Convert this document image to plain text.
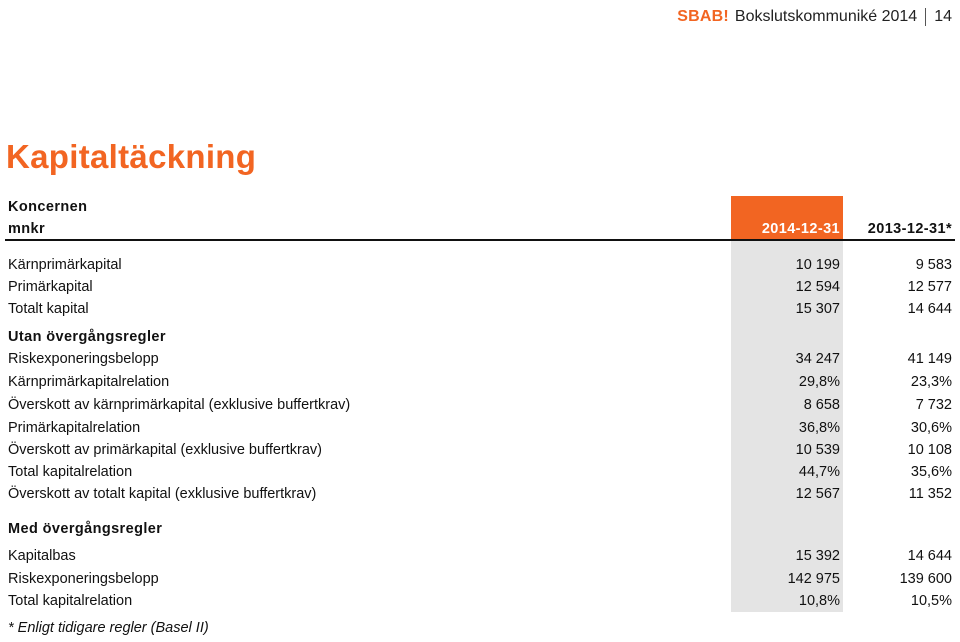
SBAB! Bokslutskommuniké 2014 14
Kapitaltäckning
Koncernen
mnkr	2014-12-31 2013-12-31*
Kärnprimärkapital	10 199	9 583
Primärkapital	12 594	12 577
Totalt kapital	15 307	14 644
Utan övergångsregler
Riskexponeringsbelopp	34 247	41 149
Kärnprimärkapitalrelation	29,8%	23,3%
Överskott av kärnprimärkapital (exklusive buffertkrav)	8 658	7 732
Primärkapitalrelation	36,8%	30,6%
Överskott av primärkapital (exklusive buffertkrav)	10 539	10 108
Total kapitalrelation	44,7%	35,6%
Överskott av totalt kapital (exklusive buffertkrav)	12 567	11 352
Med övergångsregler
Kapitalbas	15 392	14 644
Riskexponeringsbelopp	142 975	139 600
Total kapitalrelation	10,8%	10,5%
* Enligt tidigare regler (Basel II)
